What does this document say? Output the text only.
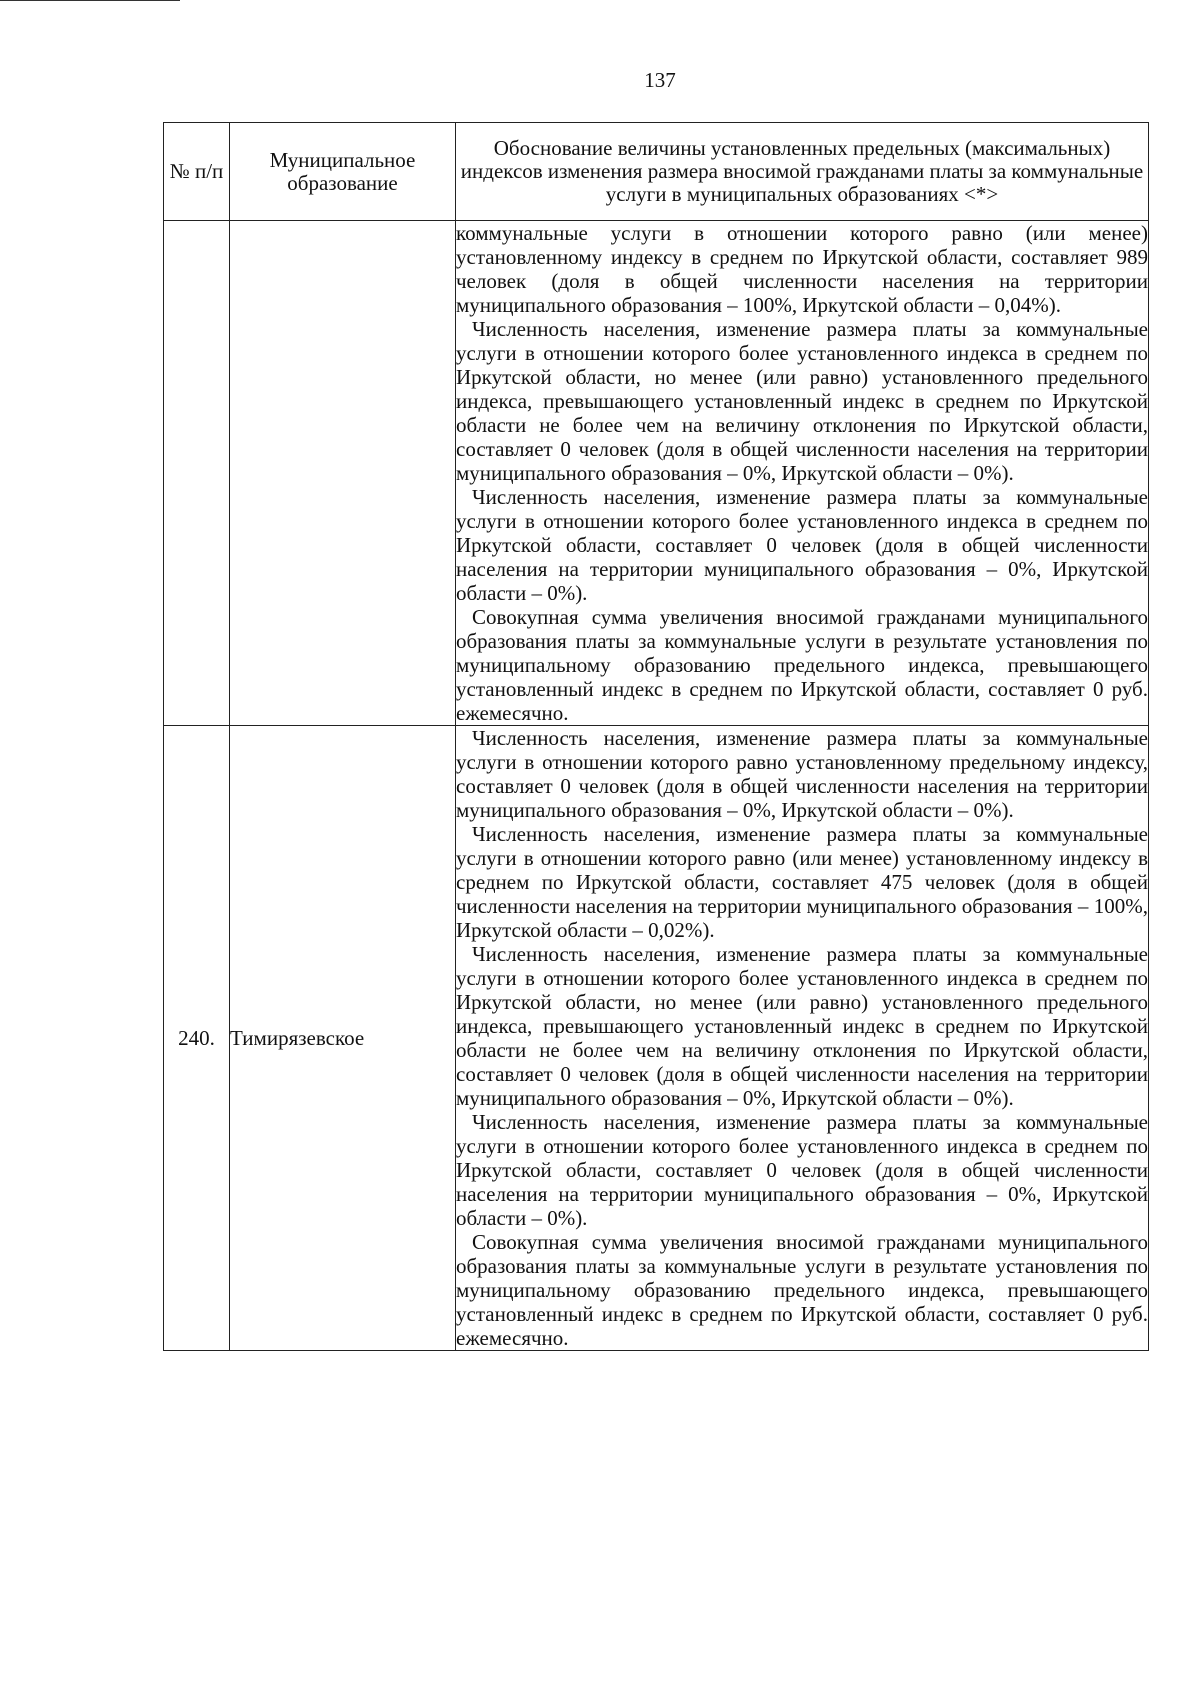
137
№ п/п	Муниципальное образование	Обоснование величины установленных предельных (максимальных) индексов изменения размера вносимой гражданами платы за коммунальные услуги в муниципальных образованиях <*>

		коммунальные услуги в отношении которого равно (или менее) установленному индексу в среднем по Иркутской области, составляет 989 человек (доля в общей численности населения на территории муниципального образования – 100%, Иркутской области – 0,04%).

Численность населения, изменение размера платы за коммунальные услуги в отношении которого более установленного индекса в среднем по Иркутской области, но менее (или равно) установленного предельного индекса, превышающего установленный индекс в среднем по Иркутской области не более чем на величину отклонения по Иркутской области, составляет 0 человек (доля в общей численности населения на территории муниципального образования – 0%, Иркутской области – 0%).

Численность населения, изменение размера платы за коммунальные услуги в отношении которого более установленного индекса в среднем по Иркутской области, составляет 0 человек (доля в общей численности населения на территории муниципального образования – 0%, Иркутской области – 0%).

Совокупная сумма увеличения вносимой гражданами муниципального образования платы за коммунальные услуги в результате установления по муниципальному образованию предельного индекса, превышающего установленный индекс в среднем по Иркутской области, составляет 0 руб. ежемесячно.

240.	Тимирязевское	Численность населения, изменение размера платы за коммунальные услуги в отношении которого равно установленному предельному индексу, составляет 0 человек (доля в общей численности населения на территории муниципального образования – 0%, Иркутской области – 0%).

Численность населения, изменение размера платы за коммунальные услуги в отношении которого равно (или менее) установленному индексу в среднем по Иркутской области, составляет 475 человек (доля в общей численности населения на территории муниципального образования – 100%, Иркутской области – 0,02%).

Численность населения, изменение размера платы за коммунальные услуги в отношении которого более установленного индекса в среднем по Иркутской области, но менее (или равно) установленного предельного индекса, превышающего установленный индекс в среднем по Иркутской области не более чем на величину отклонения по Иркутской области, составляет 0 человек (доля в общей численности населения на территории муниципального образования – 0%, Иркутской области – 0%).

Численность населения, изменение размера платы за коммунальные услуги в отношении которого более установленного индекса в среднем по Иркутской области, составляет 0 человек (доля в общей численности населения на территории муниципального образования – 0%, Иркутской области – 0%).

Совокупная сумма увеличения вносимой гражданами муниципального образования платы за коммунальные услуги в результате установления по муниципальному образованию предельного индекса, превышающего установленный индекс в среднем по Иркутской области, составляет 0 руб. ежемесячно.
